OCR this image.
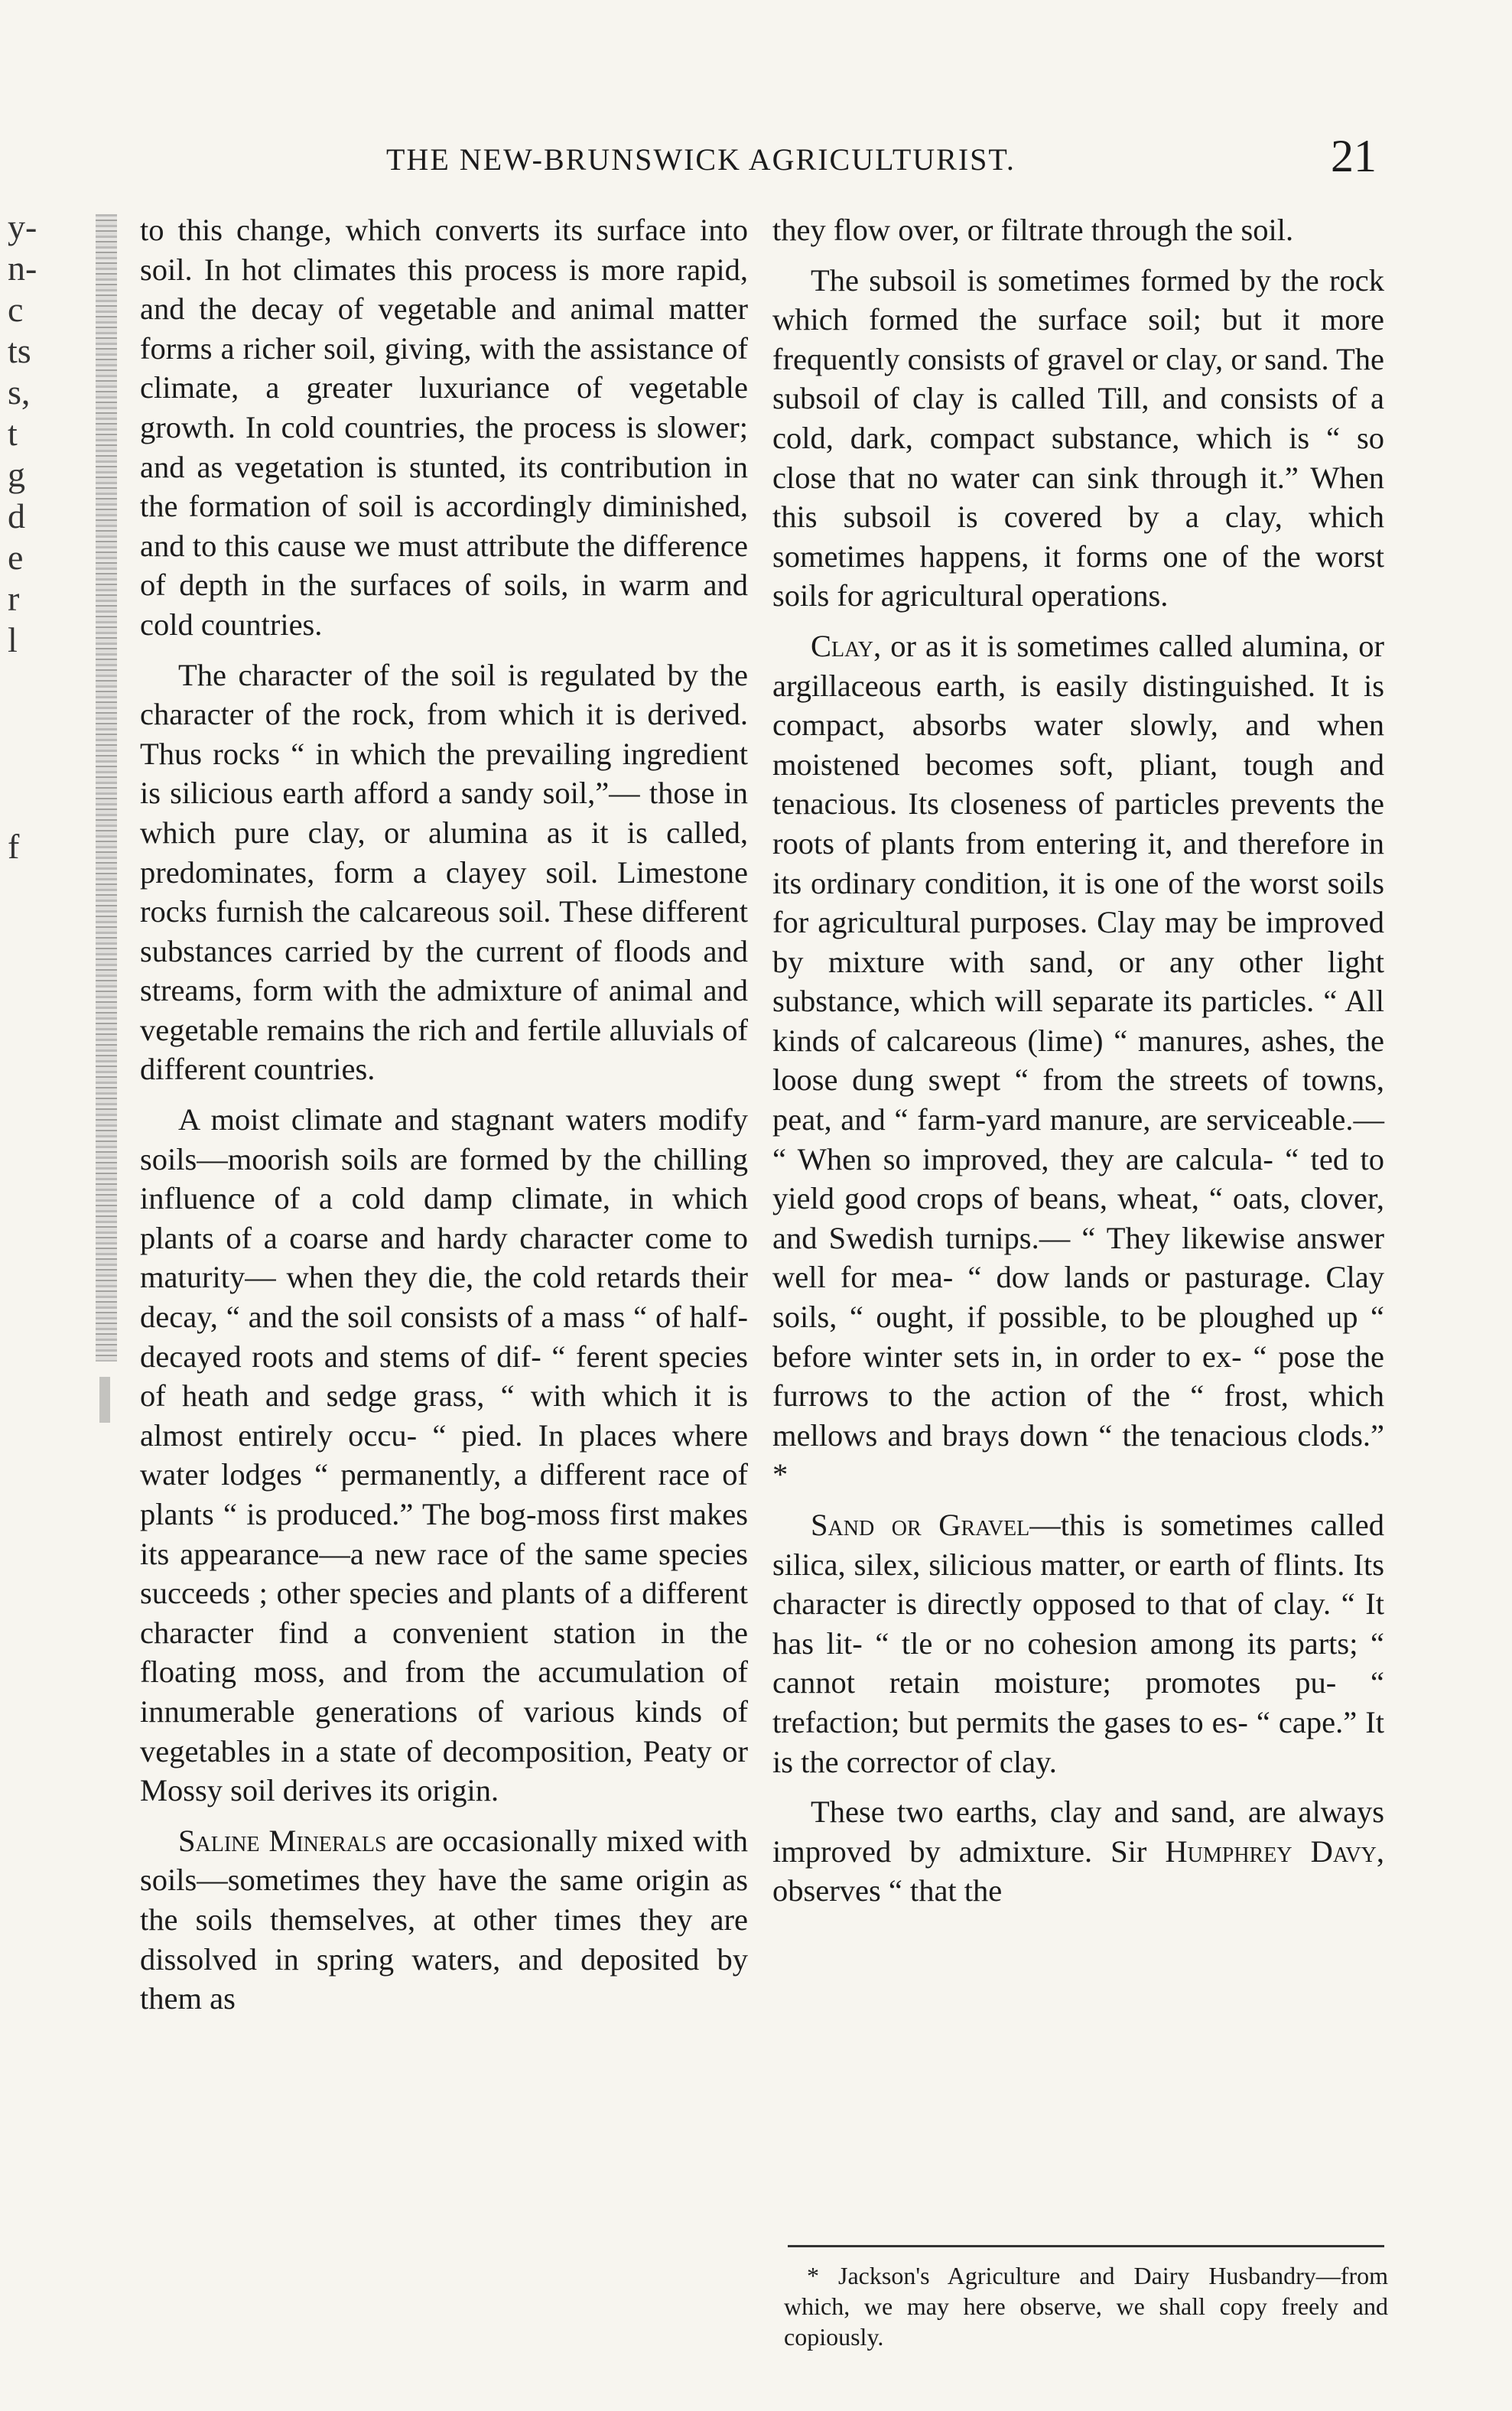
y-
n-
c
ts
s,
t
g
d
e
r
l
f
THE NEW-BRUNSWICK AGRICULTURIST.	21

to this change, which converts its surface into soil. In hot climates this process is more rapid, and the decay of vegetable and animal matter forms a richer soil, giving, with the assistance of climate, a greater luxuriance of vegetable growth. In cold countries, the process is slower; and as vegetation is stunted, its contribution in the formation of soil is accordingly diminished, and to this cause we must attribute the difference of depth in the surfaces of soils, in warm and cold countries.

The character of the soil is regulated by the character of the rock, from which it is derived. Thus rocks “ in which the prevailing ingredient is silicious earth afford a sandy soil,”— those in which pure clay, or alumina as it is called, predominates, form a clayey soil. Limestone rocks furnish the calcareous soil. These different substances carried by the current of floods and streams, form with the admixture of animal and vegetable remains the rich and fertile alluvials of different countries.

A moist climate and stagnant waters modify soils—moorish soils are formed by the chilling influence of a cold damp climate, in which plants of a coarse and hardy character come to maturity— when they die, the cold retards their decay, “ and the soil consists of a mass “ of half-decayed roots and stems of dif- “ ferent species of heath and sedge grass, “ with which it is almost entirely occu- “ pied. In places where water lodges “ permanently, a different race of plants “ is produced.” The bog-moss first makes its appearance—a new race of the same species succeeds ; other species and plants of a different character find a convenient station in the floating moss, and from the accumulation of innumerable generations of various kinds of vegetables in a state of decomposition, Peaty or Mossy soil derives its origin.

Saline Minerals are occasionally mixed with soils—sometimes they have the same origin as the soils themselves, at other times they are dissolved in spring waters, and deposited by them as

they flow over, or filtrate through the soil.

The subsoil is sometimes formed by the rock which formed the surface soil; but it more frequently consists of gravel or clay, or sand. The subsoil of clay is called Till, and consists of a cold, dark, compact substance, which is “ so close that no water can sink through it.” When this subsoil is covered by a clay, which sometimes happens, it forms one of the worst soils for agricultural operations.

Clay, or as it is sometimes called alumina, or argillaceous earth, is easily distinguished. It is compact, absorbs water slowly, and when moistened becomes soft, pliant, tough and tenacious. Its closeness of particles prevents the roots of plants from entering it, and therefore in its ordinary condition, it is one of the worst soils for agricultural purposes. Clay may be improved by mixture with sand, or any other light substance, which will separate its particles. “ All kinds of calcareous (lime) “ manures, ashes, the loose dung swept “ from the streets of towns, peat, and “ farm-yard manure, are serviceable.— “ When so improved, they are calcula- “ ted to yield good crops of beans, wheat, “ oats, clover, and Swedish turnips.— “ They likewise answer well for mea- “ dow lands or pasturage. Clay soils, “ ought, if possible, to be ploughed up “ before winter sets in, in order to ex- “ pose the furrows to the action of the “ frost, which mellows and brays down “ the tenacious clods.” *

Sand or Gravel—this is sometimes called silica, silex, silicious matter, or earth of flints. Its character is directly opposed to that of clay. “ It has lit- “ tle or no cohesion among its parts; “ cannot retain moisture; promotes pu- “ trefaction; but permits the gases to es- “ cape.” It is the corrector of clay.

These two earths, clay and sand, are always improved by admixture. Sir Humphrey Davy, observes “ that the

* Jackson's Agriculture and Dairy Husbandry—from which, we may here observe, we shall copy freely and copiously.
